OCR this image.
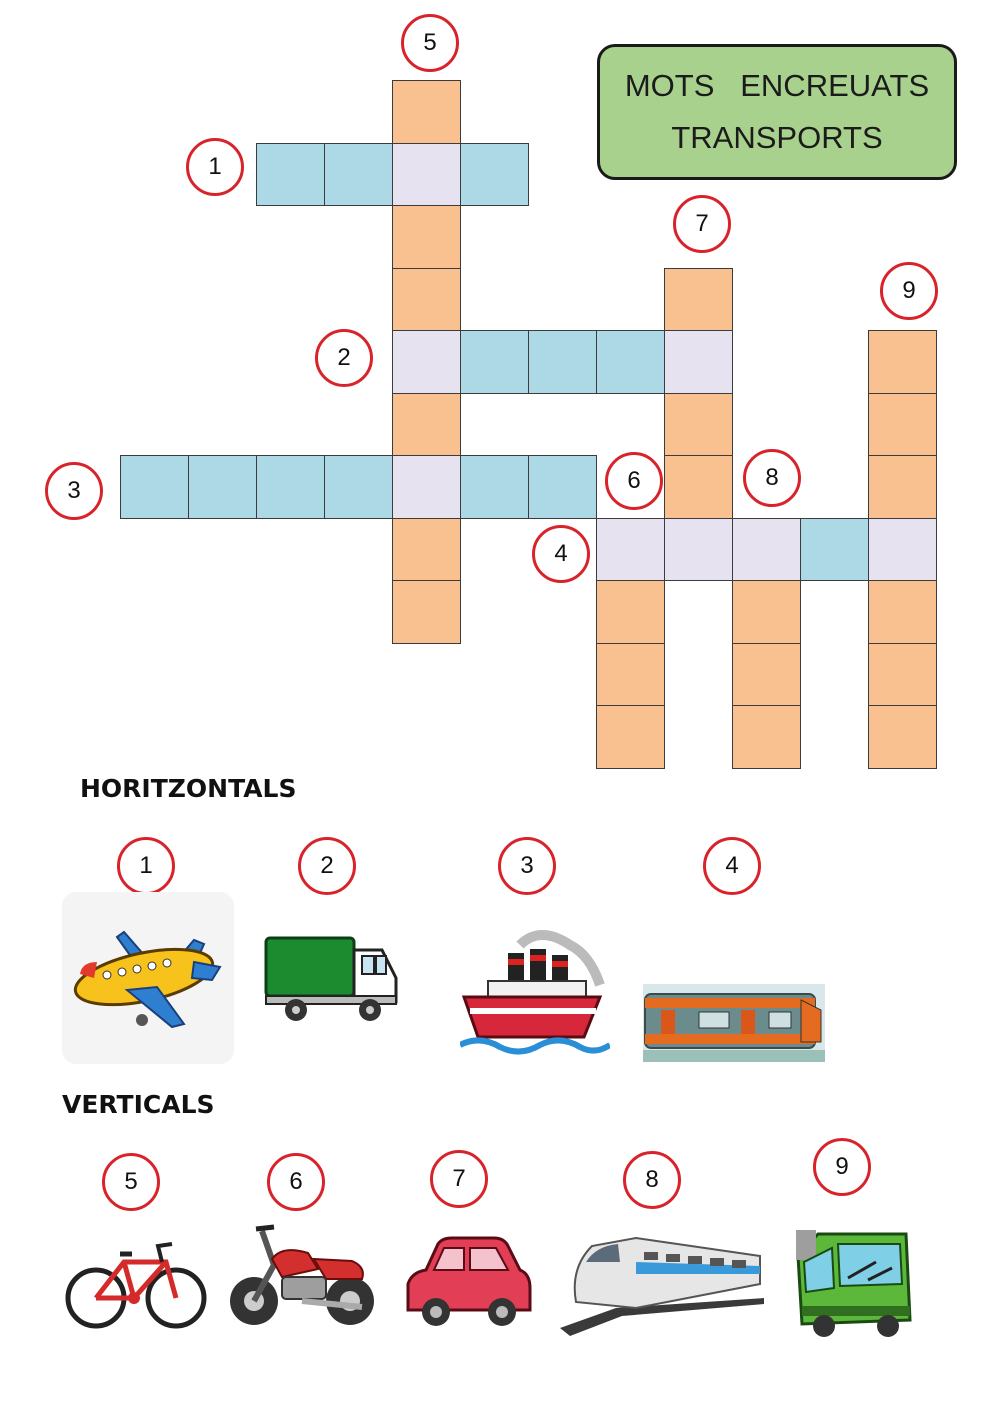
1
2
3
4
5
6
7
8
9
MOTS   ENCREUATS
TRANSPORTS
HORITZONTALS
1	2	3	4
VERTICALS
5	6	7	8	9
